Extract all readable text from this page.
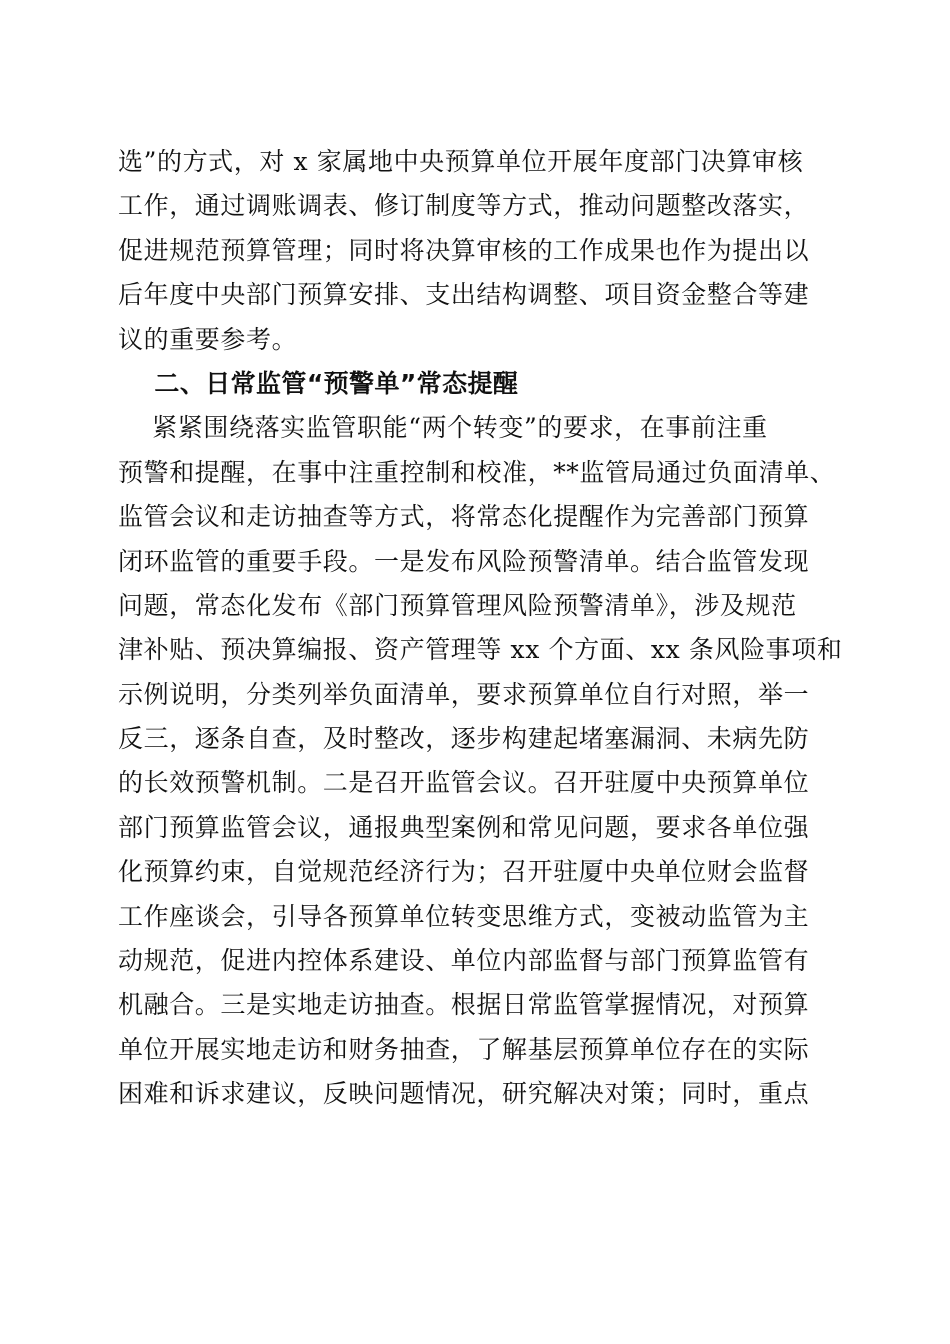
选”的方式，对 x 家属地中央预算单位开展年度部门决算审核
工作，通过调账调表、修订制度等方式，推动问题整改落实，
促进规范预算管理；同时将决算审核的工作成果也作为提出以
后年度中央部门预算安排、支出结构调整、项目资金整合等建
议的重要参考。
二、日常监管“预警单”常态提醒
紧紧围绕落实监管职能“两个转变”的要求，在事前注重
预警和提醒，在事中注重控制和校准，**监管局通过负面清单、
监管会议和走访抽查等方式，将常态化提醒作为完善部门预算
闭环监管的重要手段。一是发布风险预警清单。结合监管发现
问题，常态化发布《部门预算管理风险预警清单》，涉及规范
津补贴、预决算编报、资产管理等 xx 个方面、xx 条风险事项和
示例说明，分类列举负面清单，要求预算单位自行对照，举一
反三，逐条自查，及时整改，逐步构建起堵塞漏洞、未病先防
的长效预警机制。二是召开监管会议。召开驻厦中央预算单位
部门预算监管会议，通报典型案例和常见问题，要求各单位强
化预算约束，自觉规范经济行为；召开驻厦中央单位财会监督
工作座谈会，引导各预算单位转变思维方式，变被动监管为主
动规范，促进内控体系建设、单位内部监督与部门预算监管有
机融合。三是实地走访抽查。根据日常监管掌握情况，对预算
单位开展实地走访和财务抽查，了解基层预算单位存在的实际
困难和诉求建议，反映问题情况，研究解决对策；同时，重点
